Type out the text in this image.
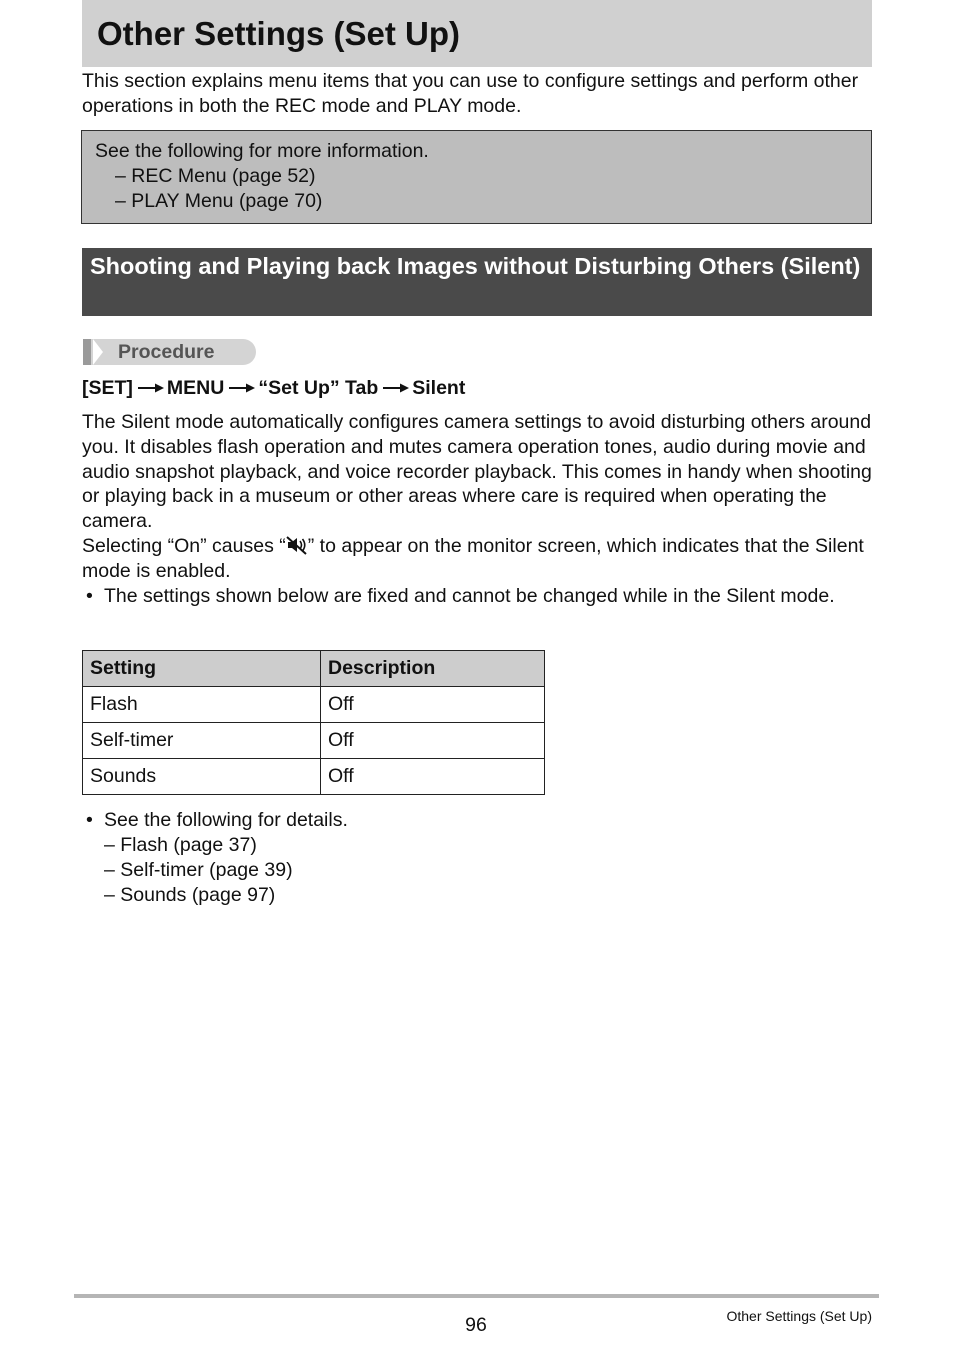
Other Settings (Set Up)
This section explains menu items that you can use to configure settings and perform other operations in both the REC mode and PLAY mode.
See the following for more information.
– REC Menu (page 52)
– PLAY Menu (page 70)
Shooting and Playing back Images without Disturbing Others (Silent)
Procedure
[SET] MENU “Set Up” Tab Silent

The Silent mode automatically configures camera settings to avoid disturbing others around you. It disables flash operation and mutes camera operation tones, audio during movie and audio snapshot playback, and voice recorder playback. This comes in handy when shooting or playing back in a museum or other areas where care is required when operating the camera.

Selecting “On” causes “ ” to appear on the monitor screen, which indicates that the Silent mode is enabled.

• The settings shown below are fixed and cannot be changed while in the Silent mode.
Setting	Description
Flash	Off
Self-timer	Off
Sounds	Off
• See the following for details.
– Flash (page 37)
– Self-timer (page 39)
– Sounds (page 97)
96	Other Settings (Set Up)
